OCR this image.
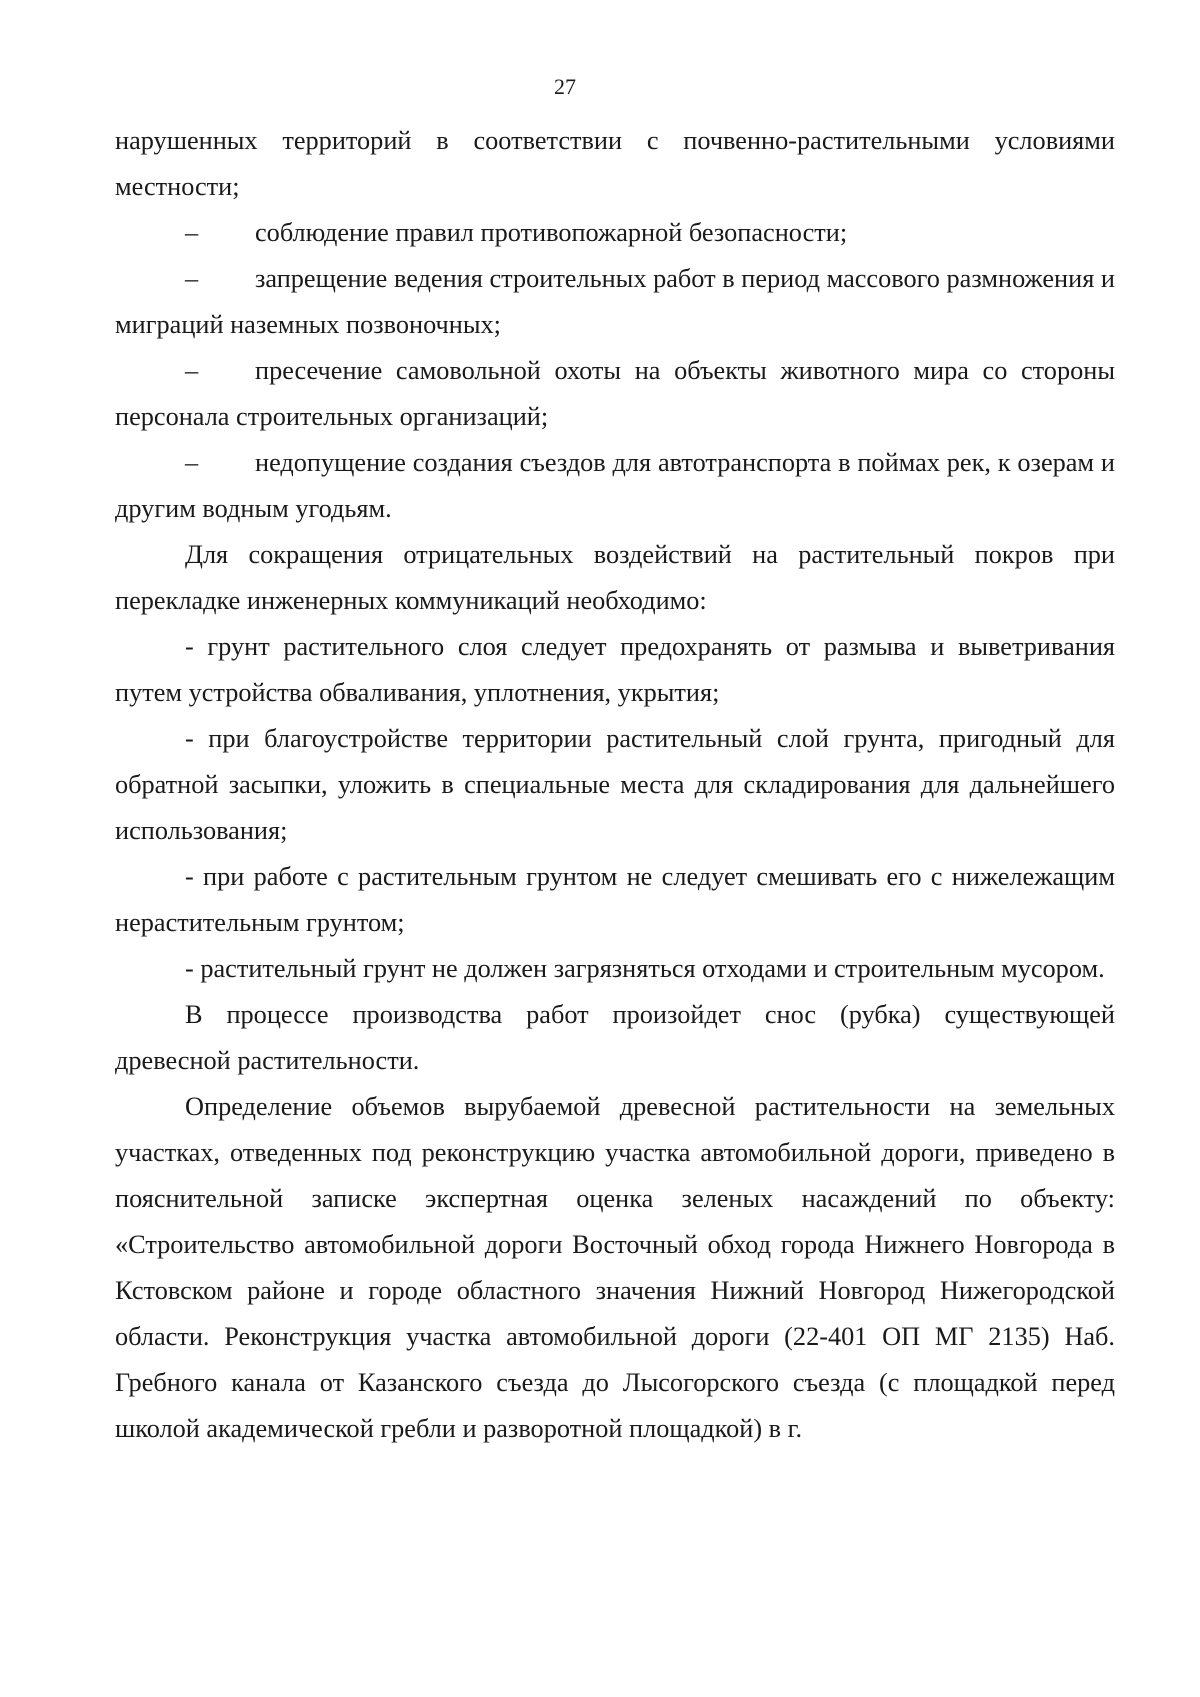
27

нарушенных территорий в соответствии с почвенно-растительными условиями местности;

– соблюдение правил противопожарной безопасности;

– запрещение ведения строительных работ в период массового размножения и миграций наземных позвоночных;

– пресечение самовольной охоты на объекты животного мира со стороны персонала строительных организаций;

– недопущение создания съездов для автотранспорта в поймах рек, к озерам и другим водным угодьям.

Для сокращения отрицательных воздействий на растительный покров при перекладке инженерных коммуникаций необходимо:

- грунт растительного слоя следует предохранять от размыва и выветривания путем устройства обваливания, уплотнения, укрытия;

- при благоустройстве территории растительный слой грунта, пригодный для обратной засыпки, уложить в специальные места для складирования для дальнейшего использования;

- при работе с растительным грунтом не следует смешивать его с нижележащим нерастительным грунтом;

- растительный грунт не должен загрязняться отходами и строительным мусором.

В процессе производства работ произойдет снос (рубка) существующей древесной растительности.

Определение объемов вырубаемой древесной растительности на земельных участках, отведенных под реконструкцию участка автомобильной дороги, приведено в пояснительной записке экспертная оценка зеленых насаждений по объекту: «Строительство автомобильной дороги Восточный обход города Нижнего Новгорода в Кстовском районе и городе областного значения Нижний Новгород Нижегородской области. Реконструкция участка автомобильной дороги (22-401 ОП МГ 2135) Наб. Гребного канала от Казанского съезда до Лысогорского съезда (с площадкой перед школой академической гребли и разворотной площадкой) в г.
